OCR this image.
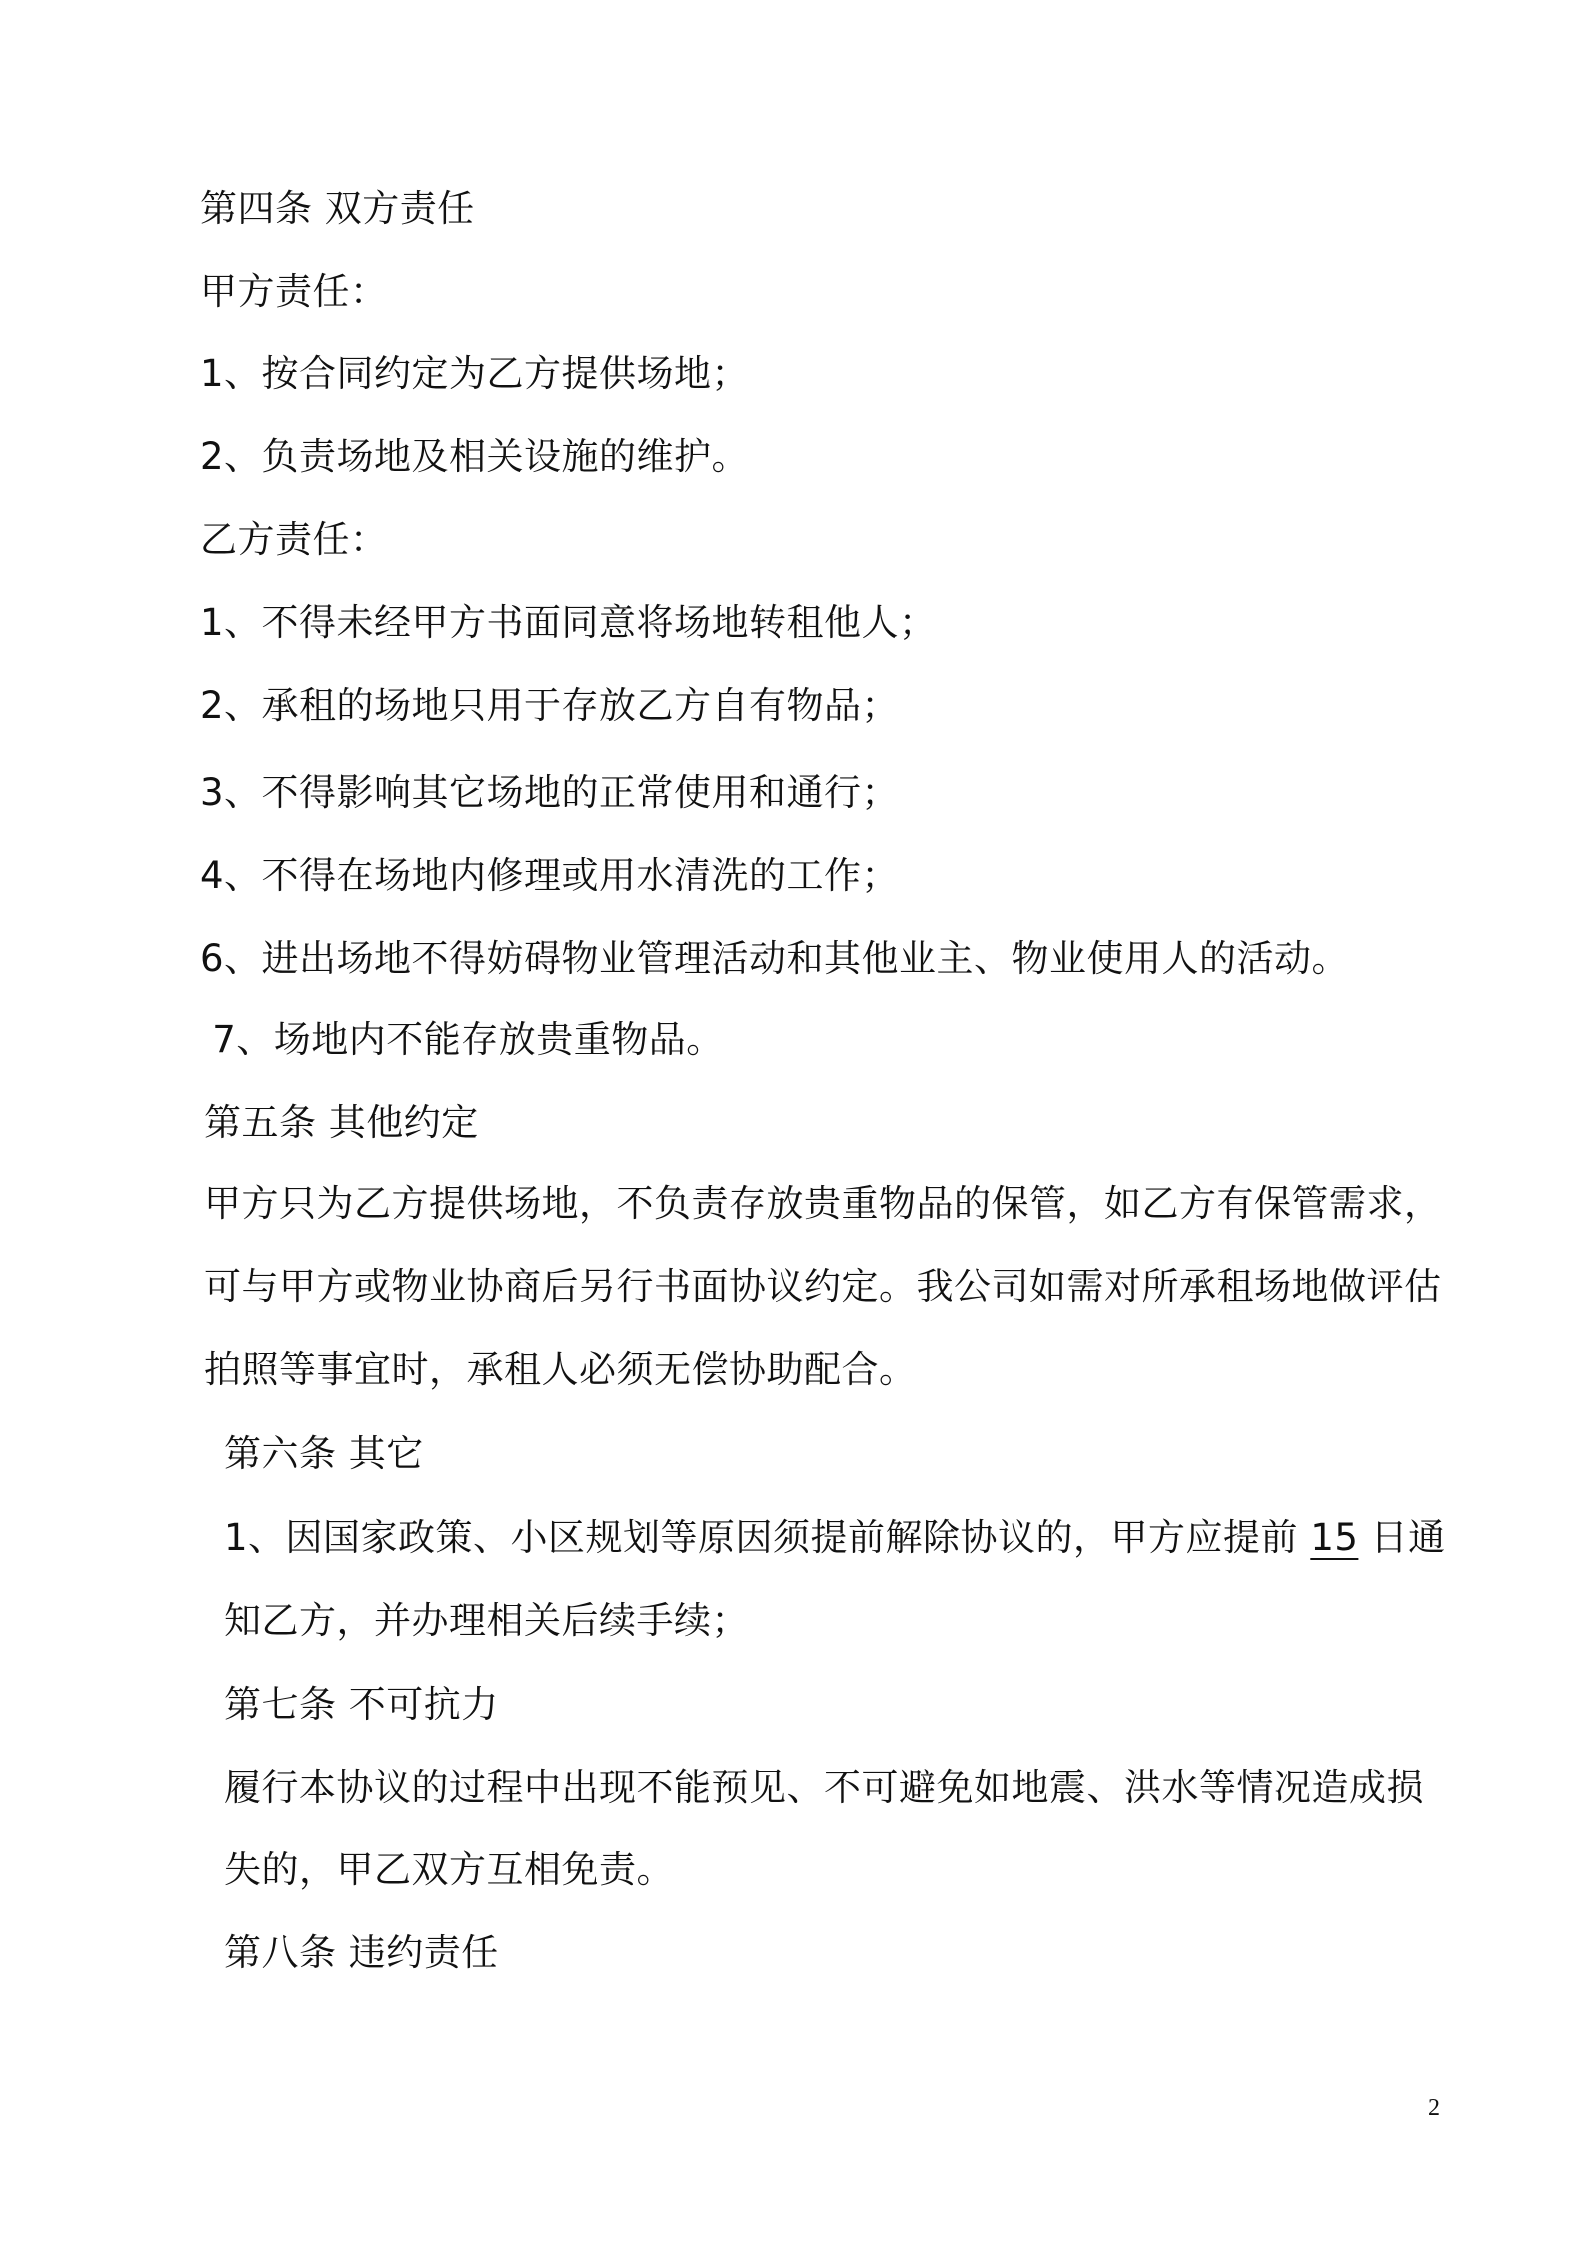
第四条 双方责任
甲方责任：
1、按合同约定为乙方提供场地；
2、负责场地及相关设施的维护。
乙方责任：
1、不得未经甲方书面同意将场地转租他人；
2、承租的场地只用于存放乙方自有物品；
3、不得影响其它场地的正常使用和通行；
4、不得在场地内修理或用水清洗的工作；
6、进出场地不得妨碍物业管理活动和其他业主、物业使用人的活动。
7、场地内不能存放贵重物品。
第五条 其他约定
甲方只为乙方提供场地，不负责存放贵重物品的保管，如乙方有保管需求，
可与甲方或物业协商后另行书面协议约定。我公司如需对所承租场地做评估
拍照等事宜时，承租人必须无偿协助配合。
第六条 其它
1、因国家政策、小区规划等原因须提前解除协议的，甲方应提前 15 日通
知乙方，并办理相关后续手续；
第七条 不可抗力
履行本协议的过程中出现不能预见、不可避免如地震、洪水等情况造成损
失的，甲乙双方互相免责。
第八条 违约责任
2
